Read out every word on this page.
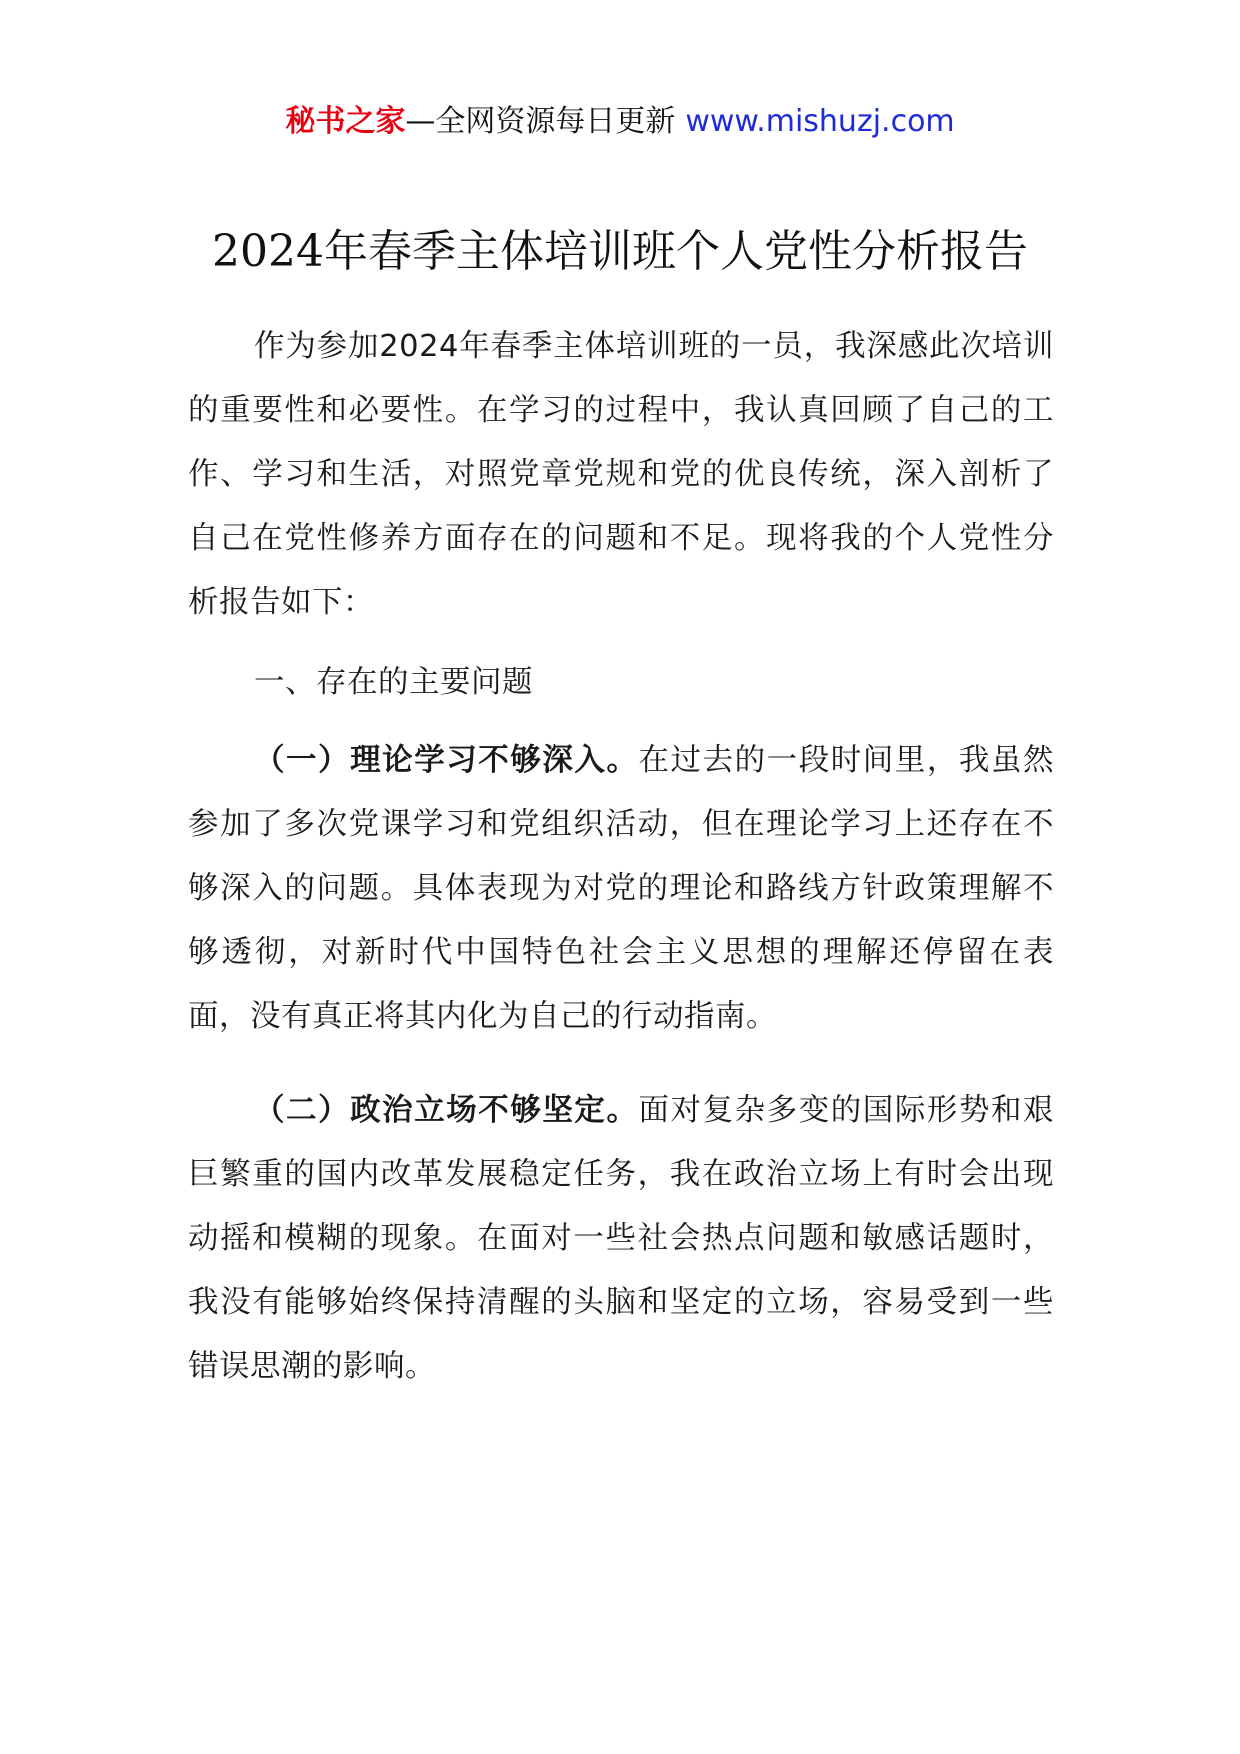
秘书之家—全网资源每日更新 www.mishuzj.com
2024年春季主体培训班个人党性分析报告

作为参加2024年春季主体培训班的一员，我深感此次培训的重要性和必要性。在学习的过程中，我认真回顾了自己的工作、学习和生活，对照党章党规和党的优良传统，深入剖析了自己在党性修养方面存在的问题和不足。现将我的个人党性分析报告如下：

一、存在的主要问题

（一）理论学习不够深入。在过去的一段时间里，我虽然参加了多次党课学习和党组织活动，但在理论学习上还存在不够深入的问题。具体表现为对党的理论和路线方针政策理解不够透彻，对新时代中国特色社会主义思想的理解还停留在表面，没有真正将其内化为自己的行动指南。

（二）政治立场不够坚定。面对复杂多变的国际形势和艰巨繁重的国内改革发展稳定任务，我在政治立场上有时会出现动摇和模糊的现象。在面对一些社会热点问题和敏感话题时，我没有能够始终保持清醒的头脑和坚定的立场，容易受到一些错误思潮的影响。
